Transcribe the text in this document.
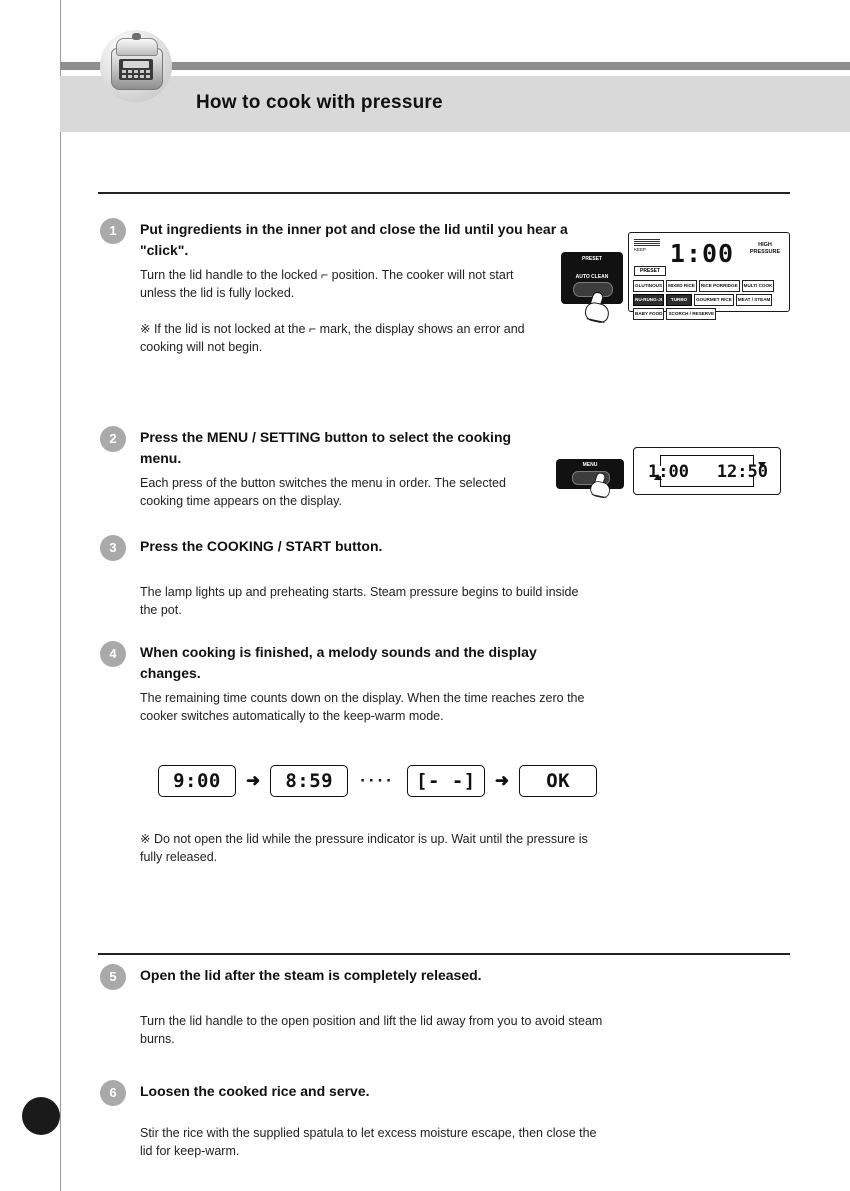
How to cook with pressure
1	Put ingredients in the inner pot and close the lid until you hear a "click".
Turn the lid handle to the locked ⌐ position. The cooker will not start unless the lid is fully locked.
※ If the lid is not locked at the ⌐ mark, the display shows an error and cooking will not begin.
KEEP 1:00	HIGH PRESSURE
PRESET
GLUTINOUS	MIXED RICE	RICE PORRIDGE	MULTI COOK
NU-RUNG-JI	TURBO	GOURMET RICE	MEAT / STEAM
BABY FOOD	SCORCH / RESERVE
PRESET
AUTO CLEAN
2	Press the MENU / SETTING button to select the cooking menu.
Each press of the button switches the menu in order. The selected cooking time appears on the display.
MENU	1:00 12:50
3	Press the COOKING / START button.
The lamp lights up and preheating starts. Steam pressure begins to build inside the pot.
4	When cooking is finished, a melody sounds and the display changes.
The remaining time counts down on the display. When the time reaches zero the cooker switches automatically to the keep-warm mode.
9:00	➜	8:59	····	[- -]	➜	OK
※ Do not open the lid while the pressure indicator is up. Wait until the pressure is fully released.
5	Open the lid after the steam is completely released.
Turn the lid handle to the open position and lift the lid away from you to avoid steam burns.
6	Loosen the cooked rice and serve.
Stir the rice with the supplied spatula to let excess moisture escape, then close the lid for keep-warm.
